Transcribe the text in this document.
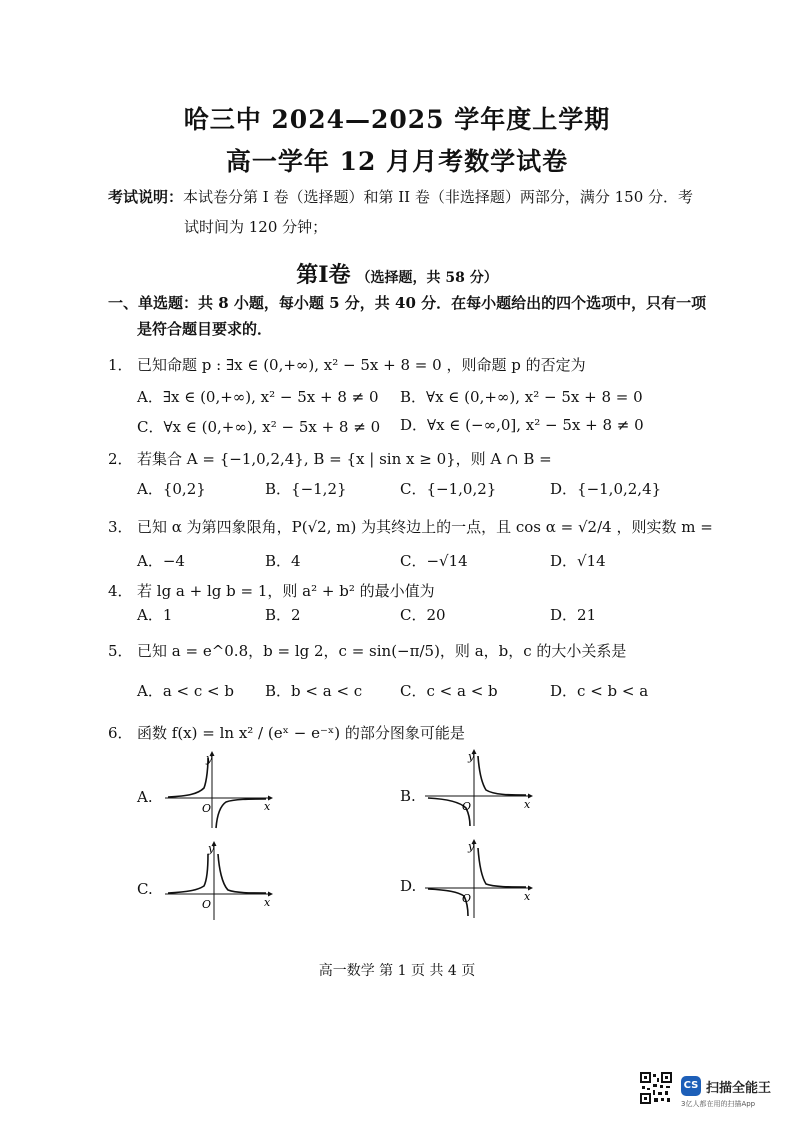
哈三中 2024—2025 学年度上学期
高一学年 12 月月考数学试卷
考试说明：本试卷分第 I 卷（选择题）和第 II 卷（非选择题）两部分，满分 150 分．考
试时间为 120 分钟；
第Ⅰ卷 （选择题，共 58 分）
一、单选题：共 8 小题，每小题 5 分，共 40 分．在每小题给出的四个选项中，只有一项
是符合题目要求的．
1． 已知命题 p : ∃x ∈ (0,+∞), x² − 5x + 8 = 0 ，则命题 p 的否定为
A．∃x ∈ (0,+∞), x² − 5x + 8 ≠ 0 B．∀x ∈ (0,+∞), x² − 5x + 8 = 0
C．∀x ∈ (0,+∞), x² − 5x + 8 ≠ 0 D．∀x ∈ (−∞,0], x² − 5x + 8 ≠ 0
2． 若集合 A = {−1,0,2,4}, B = {x | sin x ≥ 0}，则 A ∩ B =
A．{0,2}	B．{−1,2}	C．{−1,0,2}	D．{−1,0,2,4}
3． 已知 α 为第四象限角，P(√2, m) 为其终边上的一点，且 cos α = √2/4 ，则实数 m =
A．−4	B．4	C．−√14	D．√14
4． 若 lg a + lg b = 1，则 a² + b² 的最小值为
A．1	B．2	C．20	D．21
5． 已知 a = e^0.8，b = lg 2，c = sin(−π/5)，则 a，b，c 的大小关系是
A．a < c < b B．b < a < c	C．c < a < b	D．c < b < a
6． 函数 f(x) = ln x² / (eˣ − e⁻ˣ) 的部分图象可能是
A.	B.
C.	D.
y
x
O
y
x
O
y
x
O
y
x
O
高一数学 第 1 页 共 4 页
CS 扫描全能王
3亿人都在用的扫描App
